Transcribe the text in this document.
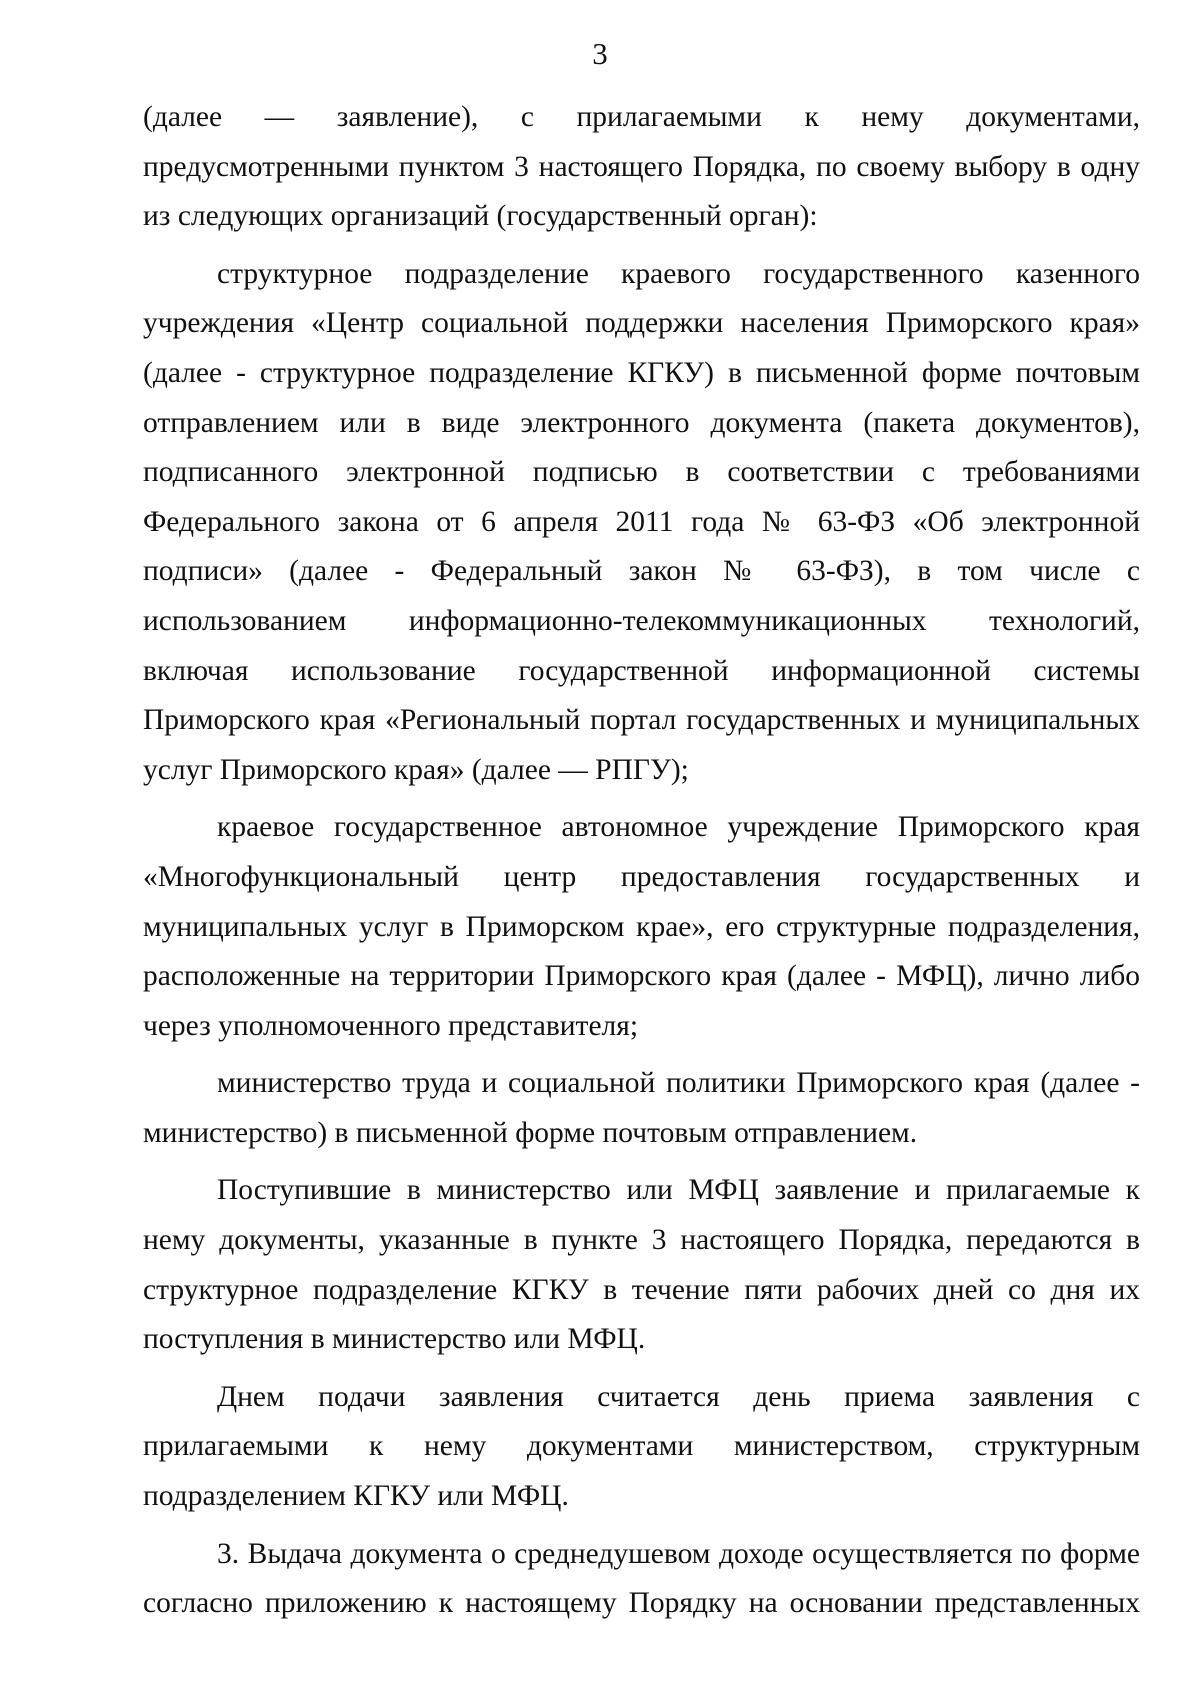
3

(далее — заявление), с прилагаемыми к нему документами, предусмотренными пунктом 3 настоящего Порядка, по своему выбору в одну из следующих организаций (государственный орган):

структурное подразделение краевого государственного казенного учреждения «Центр социальной поддержки населения Приморского края» (далее - структурное подразделение КГКУ) в письменной форме почтовым отправлением или в виде электронного документа (пакета документов), подписанного электронной подписью в соответствии с требованиями Федерального закона от 6 апреля 2011 года № 63-ФЗ «Об электронной подписи» (далее - Федеральный закон № 63-ФЗ), в том числе с использованием информационно-телекоммуникационных технологий, включая использование государственной информационной системы Приморского края «Региональный портал государственных и муниципальных услуг Приморского края» (далее — РПГУ);

краевое государственное автономное учреждение Приморского края «Многофункциональный центр предоставления государственных и муниципальных услуг в Приморском крае», его структурные подразделения, расположенные на территории Приморского края (далее - МФЦ), лично либо через уполномоченного представителя;

министерство труда и социальной политики Приморского края (далее - министерство) в письменной форме почтовым отправлением.

Поступившие в министерство или МФЦ заявление и прилагаемые к нему документы, указанные в пункте 3 настоящего Порядка, передаются в структурное подразделение КГКУ в течение пяти рабочих дней со дня их поступления в министерство или МФЦ.

Днем подачи заявления считается день приема заявления с прилагаемыми к нему документами министерством, структурным подразделением КГКУ или МФЦ.

3. Выдача документа о среднедушевом доходе осуществляется по форме согласно приложению к настоящему Порядку на основании представленных
